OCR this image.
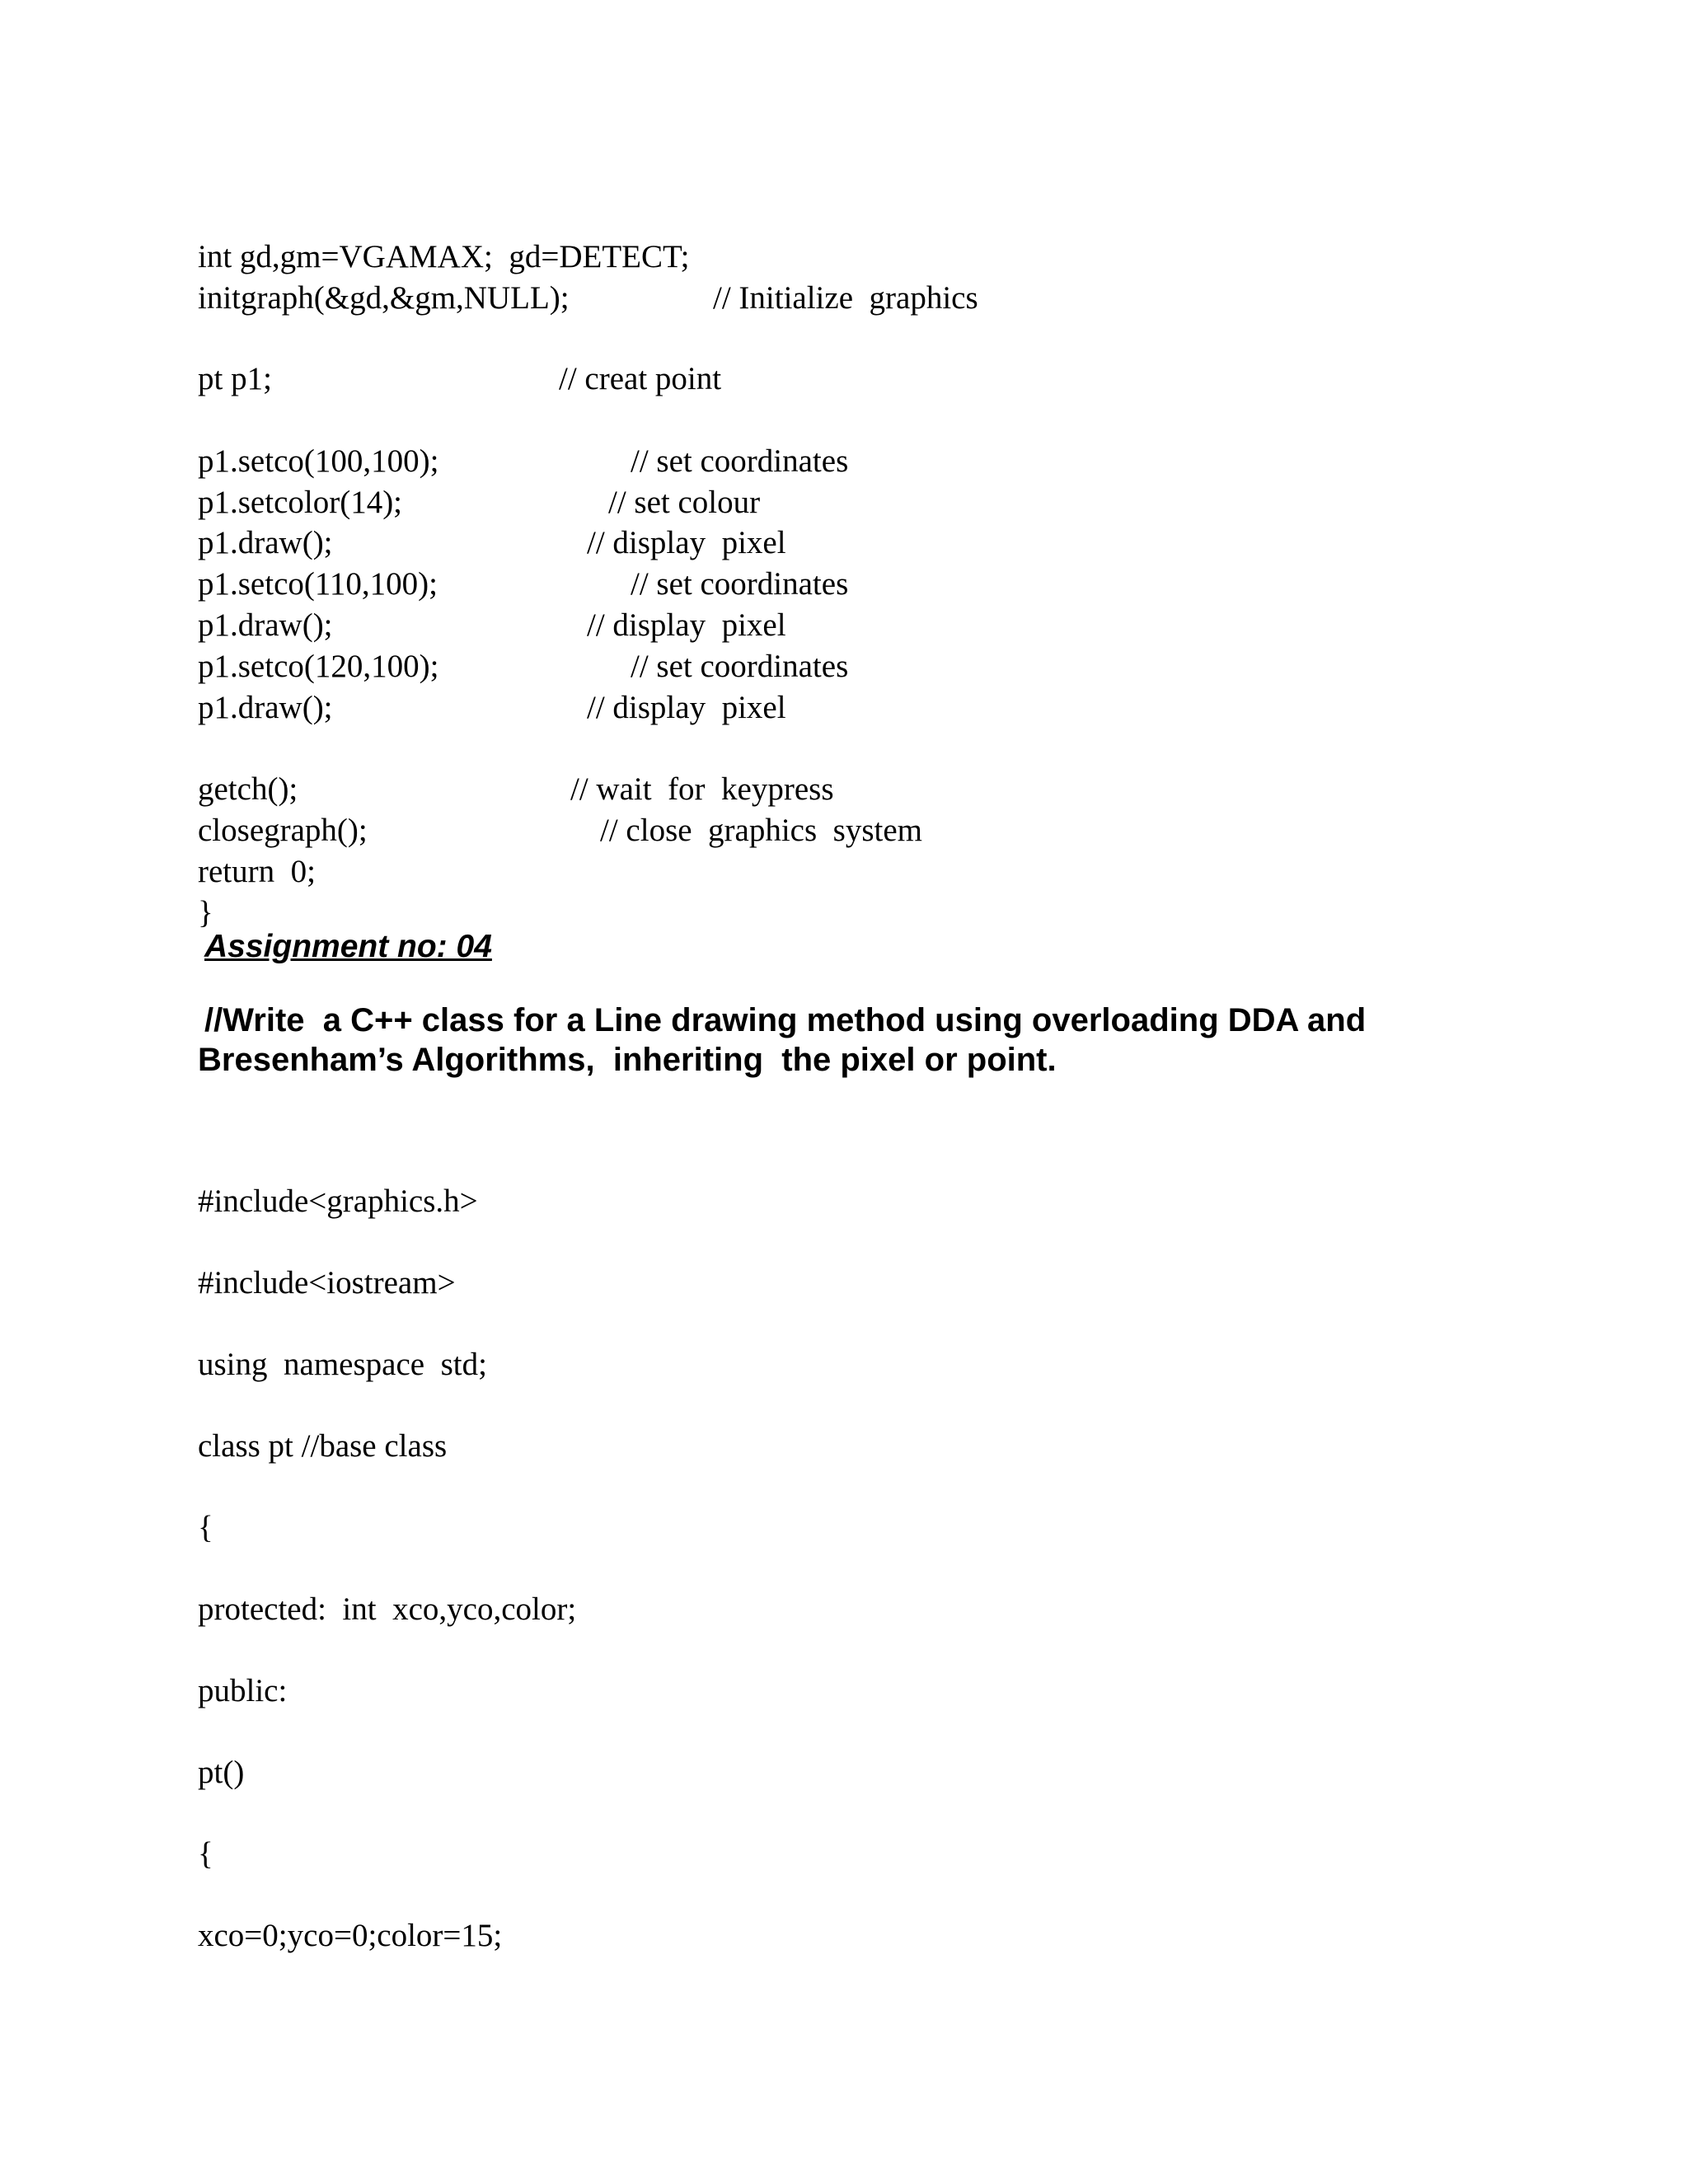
int gd,gm=VGAMAX;  gd=DETECT;

initgraph(&gd,&gm,NULL);

	// Initialize  graphics

pt p1;

	// creat point

p1.setco(100,100);

	// set coordinates

p1.setcolor(14);

	// set colour

p1.draw();

	// display  pixel

p1.setco(110,100);

	// set coordinates

p1.draw();

	// display  pixel

p1.setco(120,100);

	// set coordinates

p1.draw();

	// display  pixel

getch();

	// wait  for  keypress

closegraph();

	// close  graphics  system

return  0;

}

Assignment no: 04
//Write  a C++ class for a Line drawing method using overloading DDA and
Bresenham’s Algorithms,  inheriting  the pixel or point.
#include<graphics.h>
#include<iostream>
using  namespace  std;
class pt //base class
{
protected:  int  xco,yco,color;
public:
pt()
{
xco=0;yco=0;color=15;
